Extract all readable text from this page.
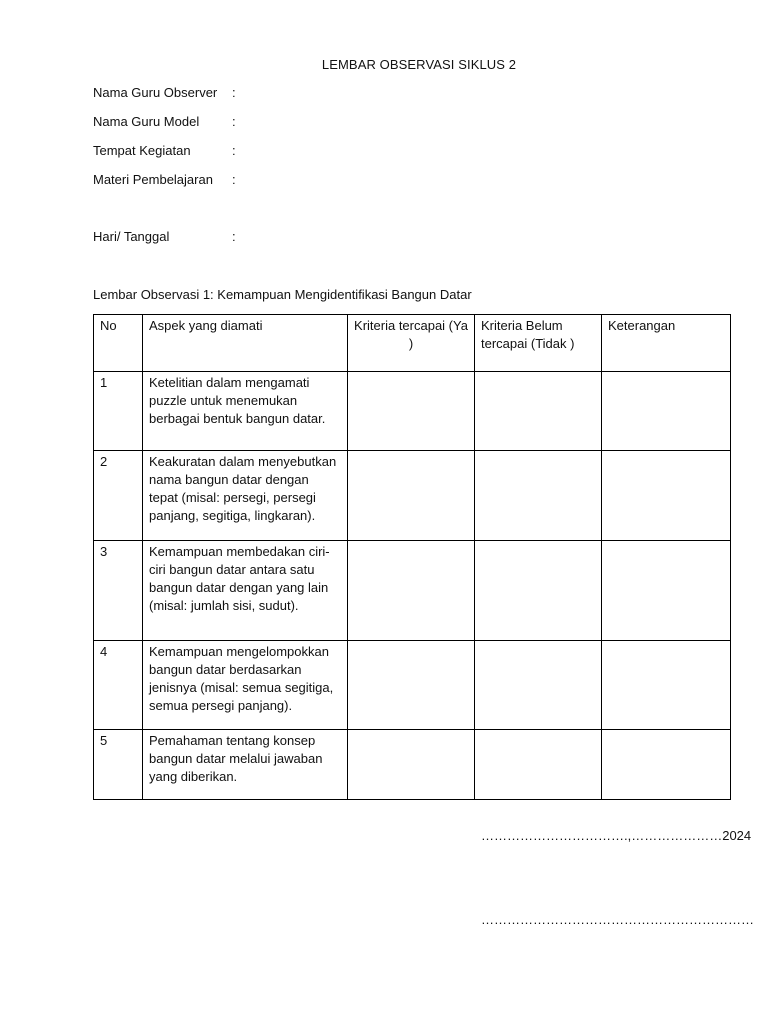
LEMBAR OBSERVASI SIKLUS 2
Nama Guru Observer :
Nama Guru Model	:
Tempat Kegiatan	:
Materi Pembelajaran :
Hari/ Tanggal	:
Lembar Observasi 1: Kemampuan Mengidentifikasi Bangun Datar
No	Aspek yang diamati	Kriteria tercapai (Ya )	Kriteria Belum tercapai (Tidak )	Keterangan
1	Ketelitian dalam mengamati puzzle untuk menemukan berbagai bentuk bangun datar.			
2	Keakuratan dalam menyebutkan nama bangun datar dengan tepat (misal: persegi, persegi panjang, segitiga, lingkaran).			
3	Kemampuan membedakan ciri-ciri bangun datar antara satu bangun datar dengan yang lain (misal: jumlah sisi, sudut).			
4	Kemampuan mengelompokkan bangun datar berdasarkan jenisnya (misal: semua segitiga, semua persegi panjang).			
5	Pemahaman tentang konsep bangun datar melalui jawaban yang diberikan.			
…………………………….,…………………2024
………………………………………………………
